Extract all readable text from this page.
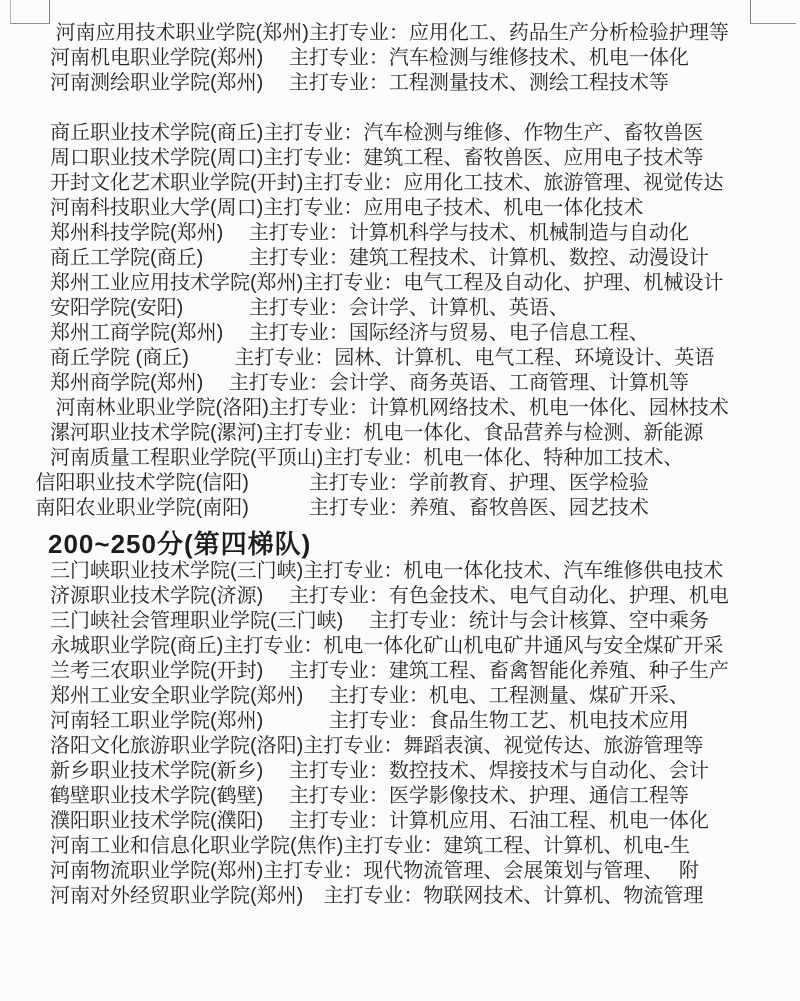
　 河南应用技术职业学院(郑州)主打专业：应用化工、药品生产分析检验护理等
　河南机电职业学院(郑州)　 主打专业：汽车检测与维修技术、机电一体化
　河南测绘职业学院(郑州)　 主打专业：工程测量技术、测绘工程技术等
　商丘职业技术学院(商丘)主打专业：汽车检测与维修、作物生产、畜牧兽医
　周口职业技术学院(周口)主打专业：建筑工程、畜牧兽医、应用电子技术等
　开封文化艺术职业学院(开封)主打专业：应用化工技术、旅游管理、视觉传达
　河南科技职业大学(周口)主打专业：应用电子技术、机电一体化技术
　郑州科技学院(郑州)　 主打专业：计算机科学与技术、机械制造与自动化
　商丘工学院(商丘)　　 主打专业：建筑工程技术、计算机、数控、动漫设计
　郑州工业应用技术学院(郑州)主打专业：电气工程及自动化、护理、机械设计
　安阳学院(安阳)　　　 主打专业：会计学、计算机、英语、
　郑州工商学院(郑州)　 主打专业：国际经济与贸易、电子信息工程、
　商丘学院 (商丘)　　 主打专业：园林、计算机、电气工程、环境设计、英语
　郑州商学院(郑州)　 主打专业：会计学、商务英语、工商管理、计算机等
　 河南林业职业学院(洛阳)主打专业：计算机网络技术、机电一体化、园林技术
　漯河职业技术学院(漯河)主打专业：机电一体化、食品营养与检测、新能源
　河南质量工程职业学院(平顶山)主打专业：机电一体化、特种加工技术、
信阳职业技术学院(信阳)　　　主打专业：学前教育、护理、医学检验
南阳农业职业学院(南阳)　　　主打专业：养殖、畜牧兽医、园艺技术
200~250分(第四梯队)
　三门峡职业技术学院(三门峡)主打专业：机电一体化技术、汽车维修供电技术
　济源职业技术学院(济源)　 主打专业：有色金技术、电气自动化、护理、机电
　三门峡社会管理职业学院(三门峡)　 主打专业：统计与会计核算、空中乘务
　永城职业学院(商丘)主打专业：机电一体化矿山机电矿井通风与安全煤矿开采
　兰考三农职业学院(开封)　 主打专业：建筑工程、畜禽智能化养殖、种子生产
　郑州工业安全职业学院(郑州)　 主打专业：机电、工程测量、煤矿开采、
　河南轻工职业学院(郑州)　　　 主打专业：食品生物工艺、机电技术应用
　洛阳文化旅游职业学院(洛阳)主打专业：舞蹈表演、视觉传达、旅游管理等
　新乡职业技术学院(新乡)　 主打专业：数控技术、焊接技术与自动化、会计
　鹤壁职业技术学院(鹤壁)　 主打专业：医学影像技术、护理、通信工程等
　濮阳职业技术学院(濮阳)　 主打专业：计算机应用、石油工程、机电一体化
　河南工业和信息化职业学院(焦作)主打专业：建筑工程、计算机、机电-生
　河南物流职业学院(郑州)主打专业：现代物流管理、会展策划与管理、　 附
　河南对外经贸职业学院(郑州)　主打专业：物联网技术、计算机、物流管理
